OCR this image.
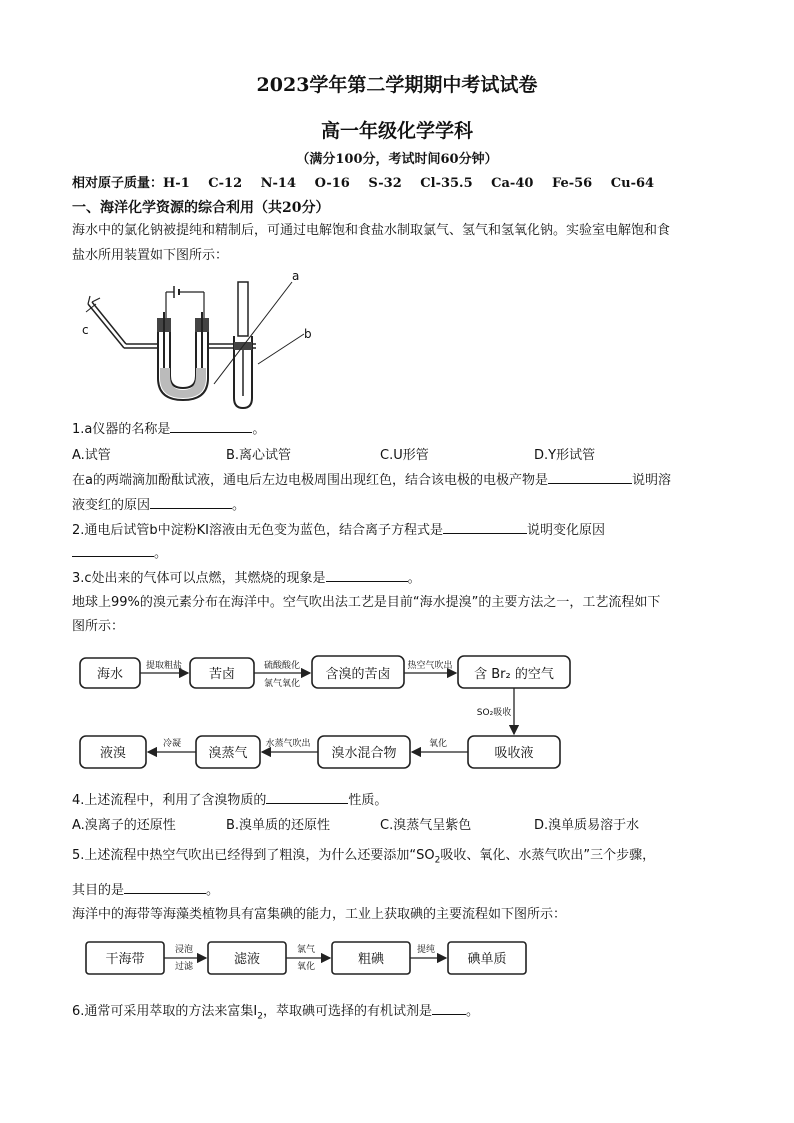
2023学年第二学期期中考试试卷
高一年级化学学科
（满分100分，考试时间60分钟）
相对原子质量：H-1 C-12 N-14 O-16 S-32 Cl-35.5 Ca-40 Fe-56 Cu-64
一、海洋化学资源的综合利用（共20分）
海水中的氯化钠被提纯和精制后，可通过电解饱和食盐水制取氯气、氢气和氢氧化钠。实验室电解饱和食
盐水所用装置如下图所示：
a
b
c
1.a仪器的名称是	。
A.试管	B.离心试管	C.U形管	D.Y形试管
在a的两端滴加酚酞试液，通电后左边电极周围出现红色，结合该电极的电极产物是	说明溶
液变红的原因	。
2.通电后试管b中淀粉KI溶液由无色变为蓝色，结合离子方程式是	说明变化原因
。
3.c处出来的气体可以点燃，其燃烧的现象是	。
地球上99%的溴元素分布在海洋中。空气吹出法工艺是目前“海水提溴”的主要方法之一，工艺流程如下
图所示：
海水	苦卤	含溴的苦卤	含 Br₂ 的空气
提取粗盐	硫酸酸化
氯气氧化
热空气吹出
SO₂吸收
吸收液
溴水混合物
溴蒸气
液溴
氧化
水蒸气吹出
冷凝
4.上述流程中，利用了含溴物质的	性质。
A.溴离子的还原性	B.溴单质的还原性	C.溴蒸气呈紫色	D.溴单质易溶于水
5.上述流程中热空气吹出已经得到了粗溴，为什么还要添加“$SO_2$吸收、氧化、水蒸气吹出”三个步骤，
其目的是	。
海洋中的海带等海藻类植物具有富集碘的能力，工业上获取碘的主要流程如下图所示：
干海带	滤液	粗碘	碘单质
浸泡
过滤
氯气
氧化
提纯
6.通常可采用萃取的方法来富集$I_2$，萃取碘可选择的有机试剂是	。
